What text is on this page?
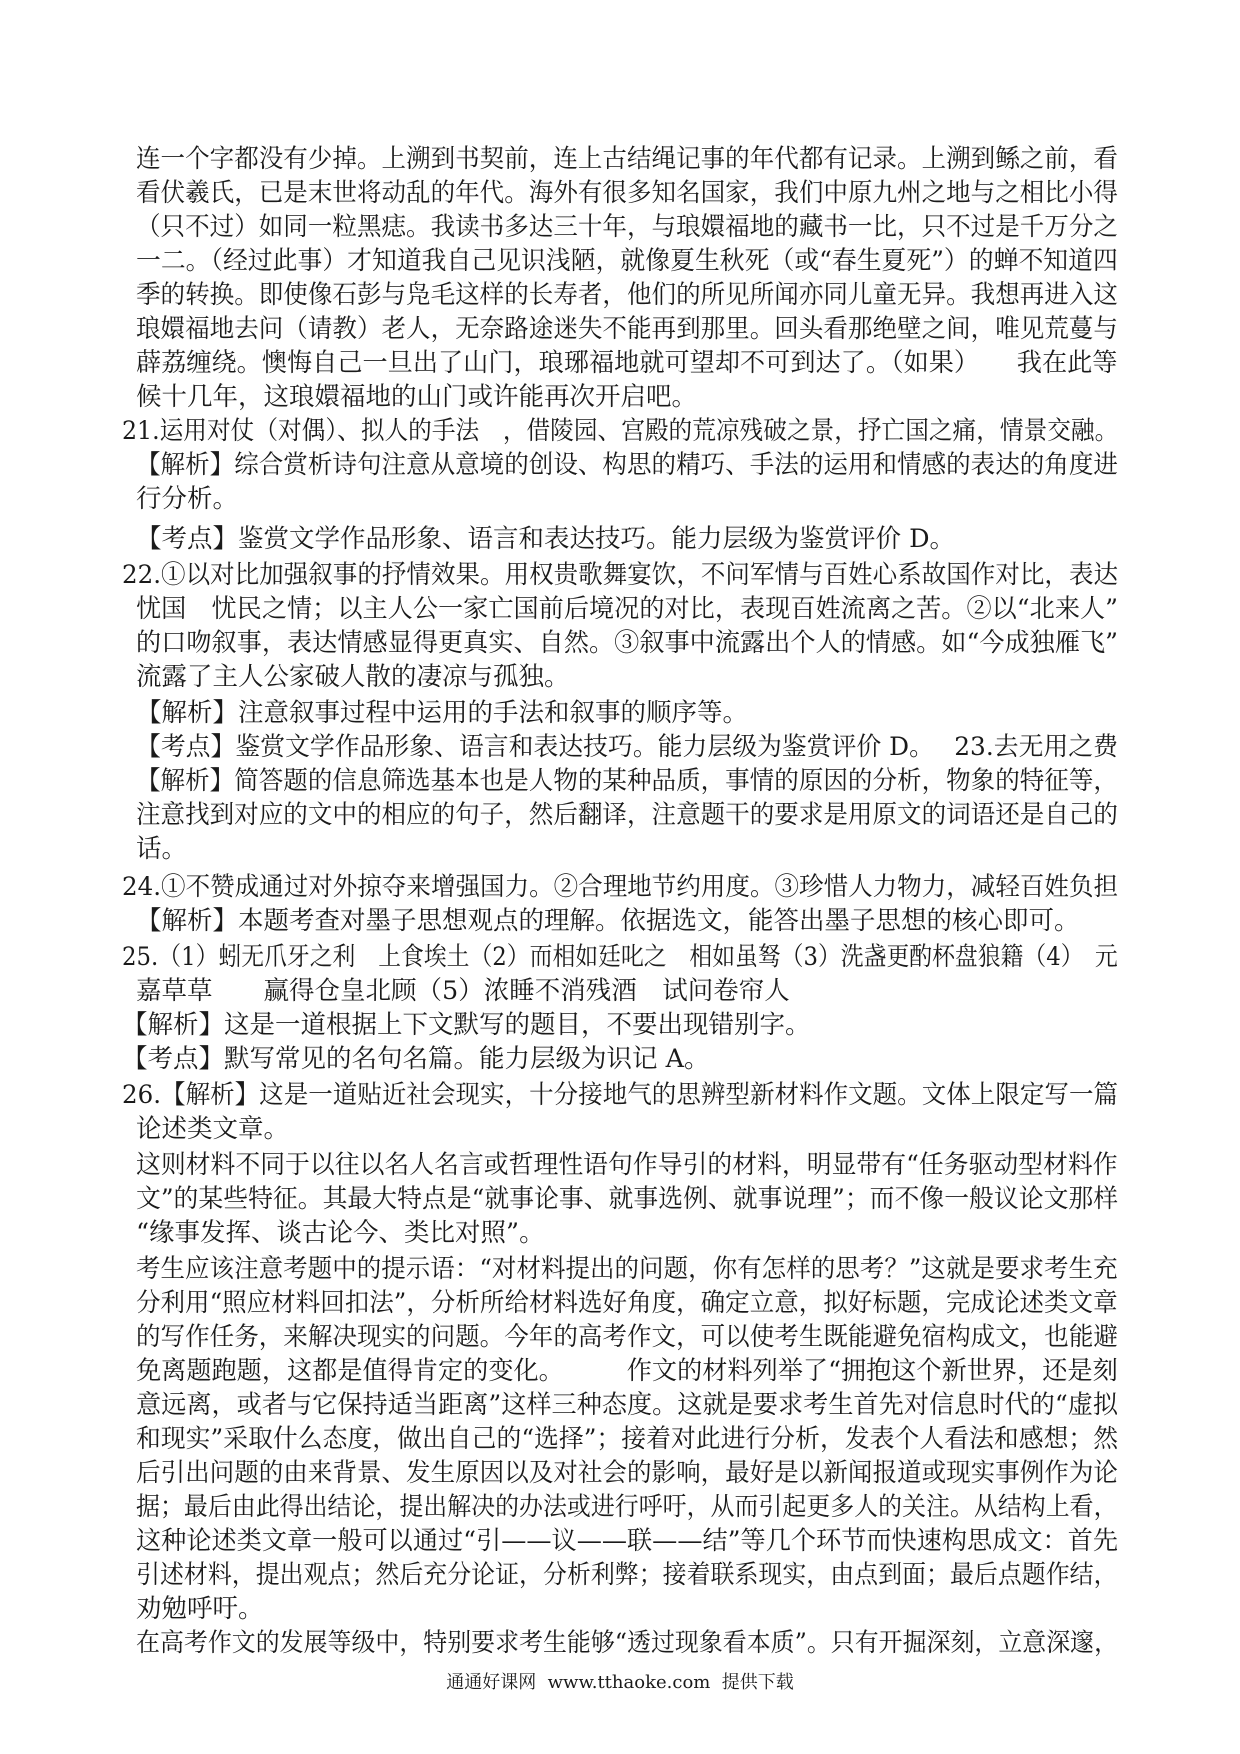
连一个字都没有少掉。上溯到书契前，连上古结绳记事的年代都有记录。上溯到鲧之前，看
看伏羲氏，已是末世将动乱的年代。海外有很多知名国家，我们中原九州之地与之相比小得
（只不过）如同一粒黑痣。我读书多达三十年，与琅嬛福地的藏书一比，只不过是千万分之
一二。（经过此事）才知道我自己见识浅陋，就像夏生秋死（或“春生夏死”）的蝉不知道四
季的转换。即使像石彭与凫毛这样的长寿者，他们的所见所闻亦同儿童无异。我想再进入这
琅嬛福地去问（请教）老人，无奈路途迷失不能再到那里。回头看那绝壁之间，唯见荒蔓与
薜荔缠绕。懊悔自己一旦出了山门，琅琊福地就可望却不可到达了。（如果）　　我在此等
候十几年，这琅嬛福地的山门或许能再次开启吧。
21.运用对仗（对偶）、拟人的手法　，借陵园、宫殿的荒凉残破之景，抒亡国之痛，情景交融。
【解析】综合赏析诗句注意从意境的创设、构思的精巧、手法的运用和情感的表达的角度进
行分析。
【考点】鉴赏文学作品形象、语言和表达技巧。能力层级为鉴赏评价 D。
22.①以对比加强叙事的抒情效果。用权贵歌舞宴饮，不问军情与百姓心系故国作对比，表达
忧国　忧民之情；以主人公一家亡国前后境况的对比，表现百姓流离之苦。②以“北来人”
的口吻叙事，表达情感显得更真实、自然。③叙事中流露出个人的情感。如“今成独雁飞”
流露了主人公家破人散的凄凉与孤独。
【解析】注意叙事过程中运用的手法和叙事的顺序等。
【考点】鉴赏文学作品形象、语言和表达技巧。能力层级为鉴赏评价 D。　 23.去无用之费
【解析】简答题的信息筛选基本也是人物的某种品质，事情的原因的分析，物象的特征等，
注意找到对应的文中的相应的句子，然后翻译，注意题干的要求是用原文的词语还是自己的
话。
24.①不赞成通过对外掠夺来增强国力。②合理地节约用度。③珍惜人力物力，减轻百姓负担
【解析】本题考查对墨子思想观点的理解。依据选文，能答出墨子思想的核心即可。
25.（1）蚓无爪牙之利　上食埃土（2）而相如廷叱之　相如虽驽（3）洗盏更酌杯盘狼籍（4）　元
嘉草草　　赢得仓皇北顾（5）浓睡不消残酒　试问卷帘人
【解析】这是一道根据上下文默写的题目，不要出现错别字。
【考点】默写常见的名句名篇。能力层级为识记 A。
26.【解析】这是一道贴近社会现实，十分接地气的思辨型新材料作文题。文体上限定写一篇
论述类文章。
这则材料不同于以往以名人名言或哲理性语句作导引的材料，明显带有“任务驱动型材料作
文”的某些特征。其最大特点是“就事论事、就事选例、就事说理”；而不像一般议论文那样
“缘事发挥、谈古论今、类比对照”。
考生应该注意考题中的提示语：“对材料提出的问题，你有怎样的思考？”这就是要求考生充
分利用“照应材料回扣法”，分析所给材料选好角度，确定立意，拟好标题，完成论述类文章
的写作任务，来解决现实的问题。今年的高考作文，可以使考生既能避免宿构成文，也能避
免离题跑题，这都是值得肯定的变化。　　　作文的材料列举了“拥抱这个新世界，还是刻
意远离，或者与它保持适当距离”这样三种态度。这就是要求考生首先对信息时代的“虚拟
和现实”采取什么态度，做出自己的“选择”；接着对此进行分析，发表个人看法和感想；然
后引出问题的由来背景、发生原因以及对社会的影响，最好是以新闻报道或现实事例作为论
据；最后由此得出结论，提出解决的办法或进行呼吁，从而引起更多人的关注。从结构上看，
这种论述类文章一般可以通过“引——议——联——结”等几个环节而快速构思成文：首先
引述材料，提出观点；然后充分论证，分析利弊；接着联系现实，由点到面；最后点题作结，
劝勉呼吁。
在高考作文的发展等级中，特别要求考生能够“透过现象看本质”。只有开掘深刻，立意深邃，
通通好课网  www.tthaoke.com  提供下载
